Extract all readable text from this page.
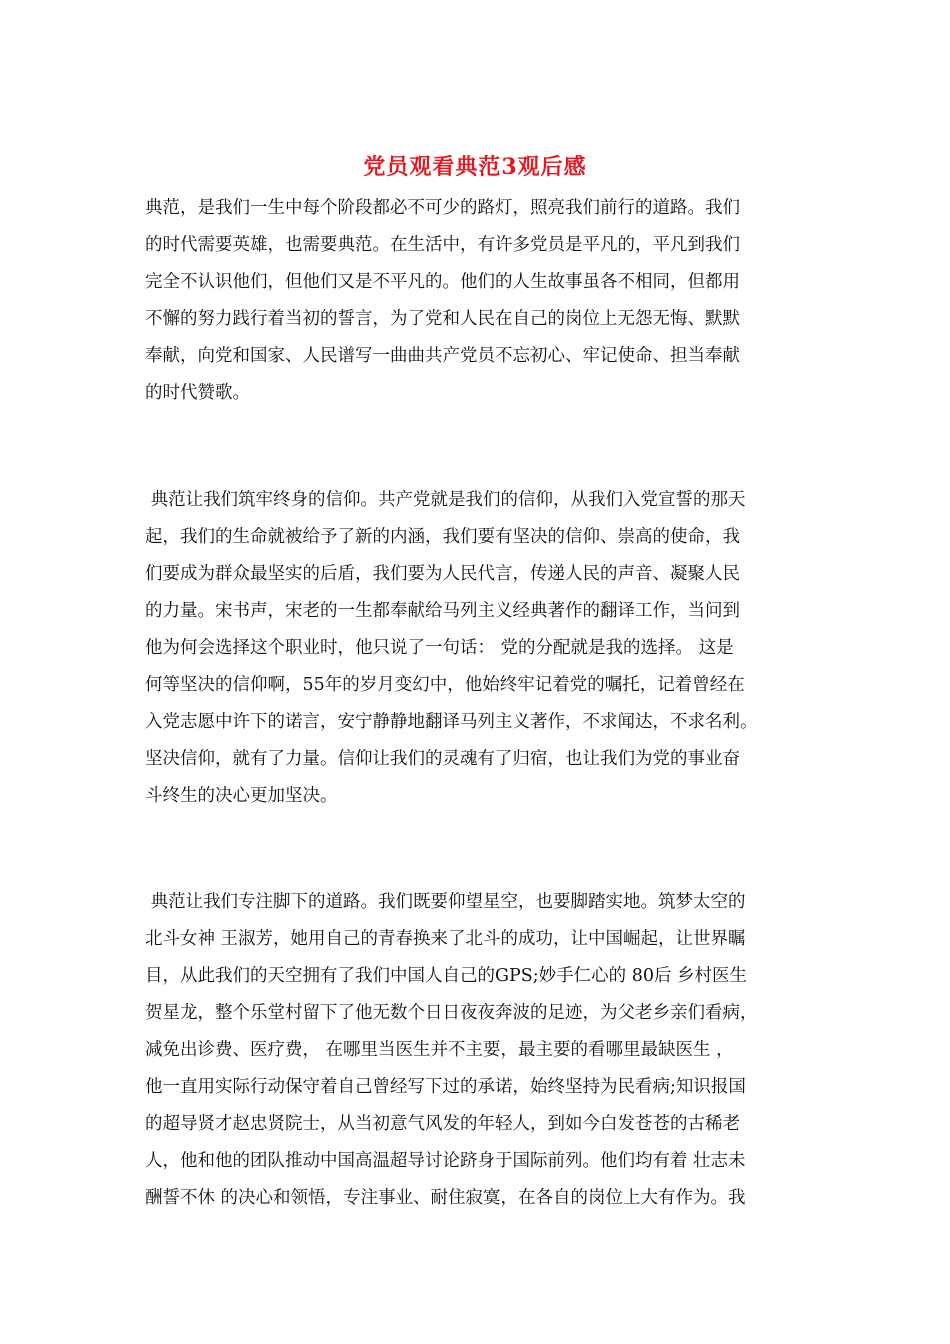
党员观看典范3观后感
典范，是我们一生中每个阶段都必不可少的路灯，照亮我们前行的道路。我们
的时代需要英雄，也需要典范。在生活中，有许多党员是平凡的，平凡到我们
完全不认识他们，但他们又是不平凡的。他们的人生故事虽各不相同，但都用
不懈的努力践行着当初的誓言，为了党和人民在自己的岗位上无怨无悔、默默
奉献，向党和国家、人民谱写一曲曲共产党员不忘初心、牢记使命、担当奉献
的时代赞歌。
典范让我们筑牢终身的信仰。共产党就是我们的信仰，从我们入党宣誓的那天
起，我们的生命就被给予了新的内涵，我们要有坚决的信仰、崇高的使命，我
们要成为群众最坚实的后盾，我们要为人民代言，传递人民的声音、凝聚人民
的力量。宋书声，宋老的一生都奉献给马列主义经典著作的翻译工作，当问到
他为何会选择这个职业时，他只说了一句话： 党的分配就是我的选择。 这是
何等坚决的信仰啊，55年的岁月变幻中，他始终牢记着党的嘱托，记着曾经在
入党志愿中许下的诺言，安宁静静地翻译马列主义著作，不求闻达，不求名利。
坚决信仰，就有了力量。信仰让我们的灵魂有了归宿，也让我们为党的事业奋
斗终生的决心更加坚决。
典范让我们专注脚下的道路。我们既要仰望星空，也要脚踏实地。筑梦太空的
北斗女神 王淑芳，她用自己的青春换来了北斗的成功，让中国崛起，让世界瞩
目，从此我们的天空拥有了我们中国人自己的GPS;妙手仁心的 80后 乡村医生
贺星龙，整个乐堂村留下了他无数个日日夜夜奔波的足迹，为父老乡亲们看病，
减免出诊费、医疗费， 在哪里当医生并不主要，最主要的看哪里最缺医生 ，
他一直用实际行动保守着自己曾经写下过的承诺，始终坚持为民看病;知识报国
的超导贤才赵忠贤院士，从当初意气风发的年轻人，到如今白发苍苍的古稀老
人，他和他的团队推动中国高温超导讨论跻身于国际前列。他们均有着 壮志未
酬誓不休 的决心和领悟，专注事业、耐住寂寞，在各自的岗位上大有作为。我
